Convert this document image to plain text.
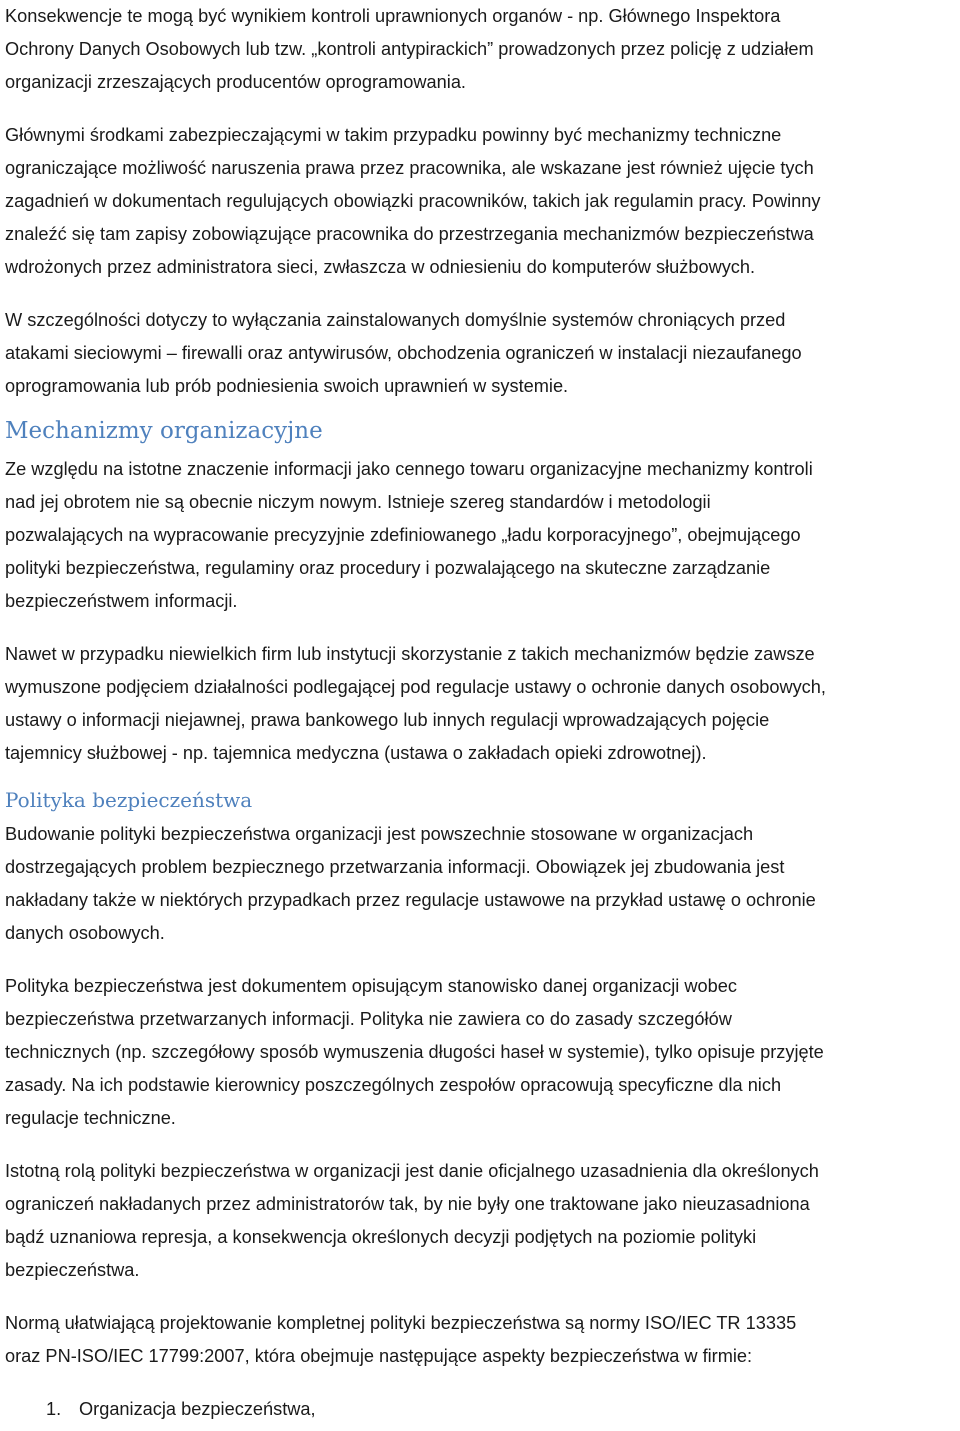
Konsekwencje te mogą być wynikiem kontroli uprawnionych organów - np. Głównego Inspektora
Ochrony Danych Osobowych lub tzw. „kontroli antypirackich” prowadzonych przez policję z udziałem
organizacji zrzeszających producentów oprogramowania.
Głównymi środkami zabezpieczającymi w takim przypadku powinny być mechanizmy techniczne
ograniczające możliwość naruszenia prawa przez pracownika, ale wskazane jest również ujęcie tych
zagadnień w dokumentach regulujących obowiązki pracowników, takich jak regulamin pracy. Powinny
znaleźć się tam zapisy zobowiązujące pracownika do przestrzegania mechanizmów bezpieczeństwa
wdrożonych przez administratora sieci, zwłaszcza w odniesieniu do komputerów służbowych.
W szczególności dotyczy to wyłączania zainstalowanych domyślnie systemów chroniących przed
atakami sieciowymi – firewalli oraz antywirusów, obchodzenia ograniczeń w instalacji niezaufanego
oprogramowania lub prób podniesienia swoich uprawnień w systemie.
Mechanizmy organizacyjne
Ze względu na istotne znaczenie informacji jako cennego towaru organizacyjne mechanizmy kontroli
nad jej obrotem nie są obecnie niczym nowym. Istnieje szereg standardów i metodologii
pozwalających na wypracowanie precyzyjnie zdefiniowanego „ładu korporacyjnego”, obejmującego
polityki bezpieczeństwa, regulaminy oraz procedury i pozwalającego na skuteczne zarządzanie
bezpieczeństwem informacji.
Nawet w przypadku niewielkich firm lub instytucji skorzystanie z takich mechanizmów będzie zawsze
wymuszone podjęciem działalności podlegającej pod regulacje ustawy o ochronie danych osobowych,
ustawy o informacji niejawnej, prawa bankowego lub innych regulacji wprowadzających pojęcie
tajemnicy służbowej - np. tajemnica medyczna (ustawa o zakładach opieki zdrowotnej).
Polityka bezpieczeństwa
Budowanie polityki bezpieczeństwa organizacji jest powszechnie stosowane w organizacjach
dostrzegających problem bezpiecznego przetwarzania informacji. Obowiązek jej zbudowania jest
nakładany także w niektórych przypadkach przez regulacje ustawowe na przykład ustawę o ochronie
danych osobowych.
Polityka bezpieczeństwa jest dokumentem opisującym stanowisko danej organizacji wobec
bezpieczeństwa przetwarzanych informacji. Polityka nie zawiera co do zasady szczegółów
technicznych (np. szczegółowy sposób wymuszenia długości haseł w systemie), tylko opisuje przyjęte
zasady. Na ich podstawie kierownicy poszczególnych zespołów opracowują specyficzne dla nich
regulacje techniczne.
Istotną rolą polityki bezpieczeństwa w organizacji jest danie oficjalnego uzasadnienia dla określonych
ograniczeń nakładanych przez administratorów tak, by nie były one traktowane jako nieuzasadniona
bądź uznaniowa represja, a konsekwencja określonych decyzji podjętych na poziomie polityki
bezpieczeństwa.
Normą ułatwiającą projektowanie kompletnej polityki bezpieczeństwa są normy ISO/IEC TR 13335
oraz PN-ISO/IEC 17799:2007, która obejmuje następujące aspekty bezpieczeństwa w firmie:
1. Organizacja bezpieczeństwa,
